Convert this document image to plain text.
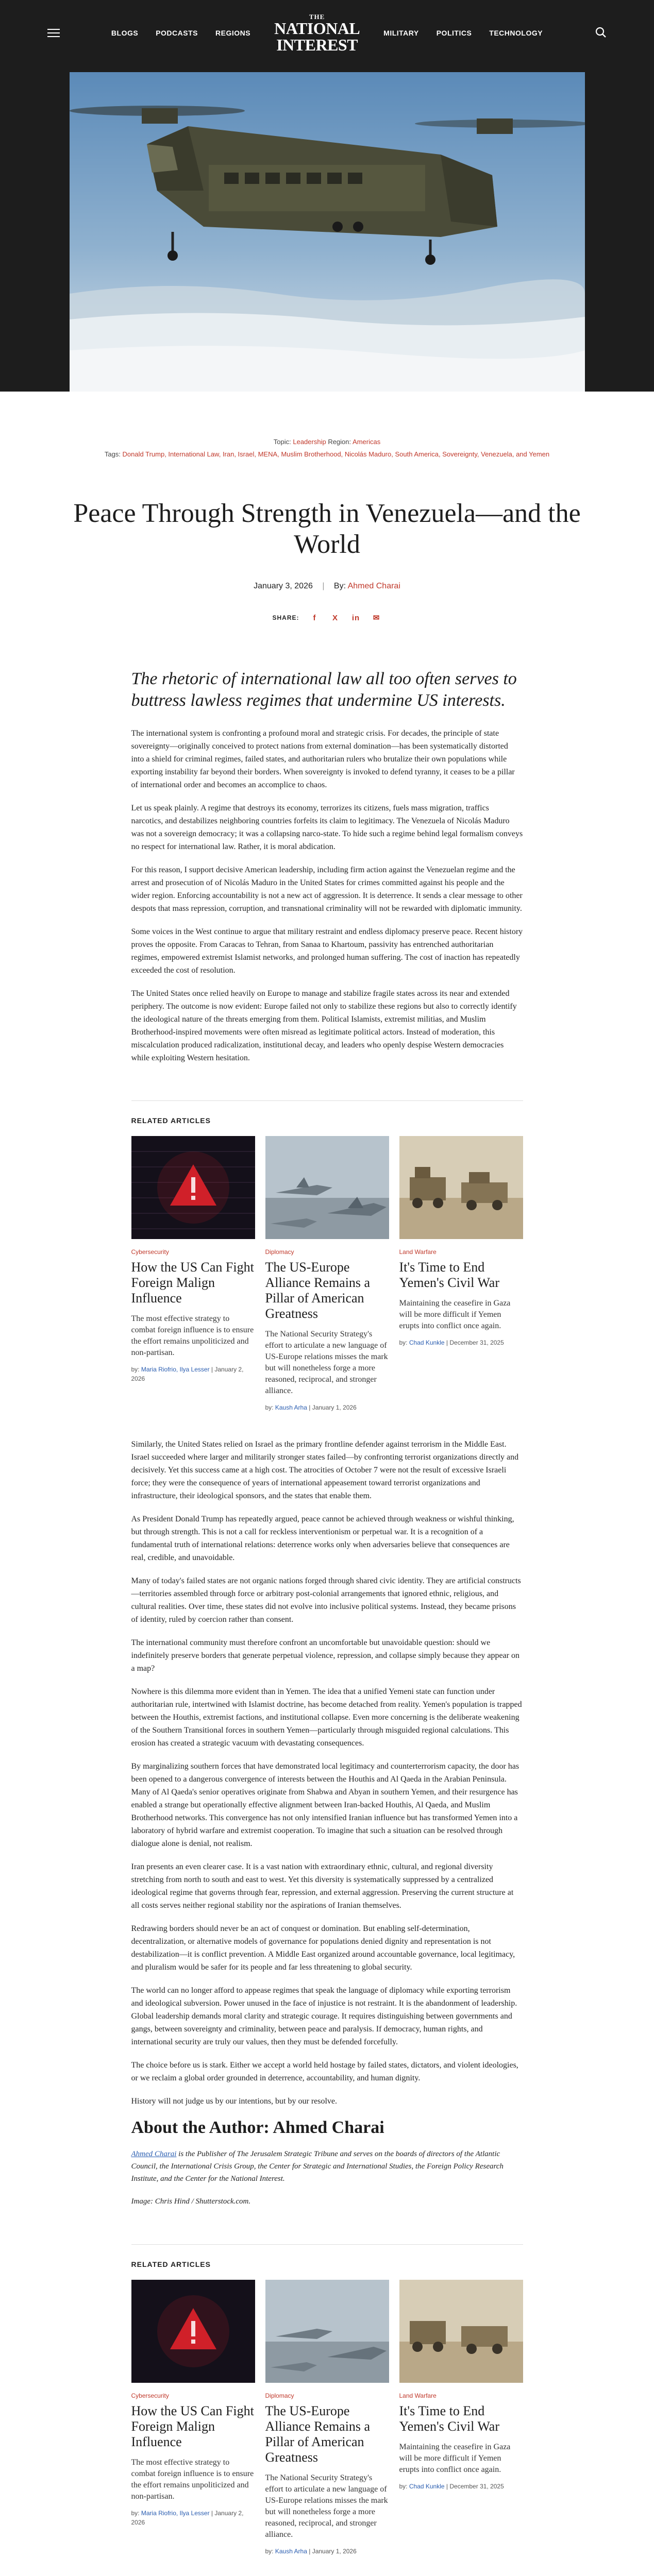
BLOGS PODCASTS REGIONS
THE
NATIONAL
INTEREST
MILITARY POLITICS TECHNOLOGY
Topic: Leadership Region: Americas
Tags: Donald Trump, International Law, Iran, Israel, MENA, Muslim Brotherhood, Nicolás Maduro, South America, Sovereignty, Venezuela, and Yemen
Peace Through Strength in Venezuela—and the World
January 3, 2026 | By: Ahmed Charai
SHARE:	f	X	in ✉
The rhetoric of international law all too often serves to buttress lawless regimes that undermine US interests.

The international system is confronting a profound moral and strategic crisis. For decades, the principle of state sovereignty—originally conceived to protect nations from external domination—has been systematically distorted into a shield for criminal regimes, failed states, and authoritarian rulers who brutalize their own populations while exporting instability far beyond their borders. When sovereignty is invoked to defend tyranny, it ceases to be a pillar of international order and becomes an accomplice to chaos.

Let us speak plainly. A regime that destroys its economy, terrorizes its citizens, fuels mass migration, traffics narcotics, and destabilizes neighboring countries forfeits its claim to legitimacy. The Venezuela of Nicolás Maduro was not a sovereign democracy; it was a collapsing narco-state. To hide such a regime behind legal formalism conveys no respect for international law. Rather, it is moral abdication.

For this reason, I support decisive American leadership, including firm action against the Venezuelan regime and the arrest and prosecution of of Nicolás Maduro in the United States for crimes committed against his people and the wider region. Enforcing accountability is not a new act of aggression. It is deterrence. It sends a clear message to other despots that mass repression, corruption, and transnational criminality will not be rewarded with diplomatic immunity.

Some voices in the West continue to argue that military restraint and endless diplomacy preserve peace. Recent history proves the opposite. From Caracas to Tehran, from Sanaa to Khartoum, passivity has entrenched authoritarian regimes, empowered extremist Islamist networks, and prolonged human suffering. The cost of inaction has repeatedly exceeded the cost of resolution.

The United States once relied heavily on Europe to manage and stabilize fragile states across its near and extended periphery. The outcome is now evident: Europe failed not only to stabilize these regions but also to correctly identify the ideological nature of the threats emerging from them. Political Islamists, extremist militias, and Muslim Brotherhood-inspired movements were often misread as legitimate political actors. Instead of moderation, this miscalculation produced radicalization, institutional decay, and leaders who openly despise Western democracies while exploiting Western hesitation.

RELATED ARTICLES
Cybersecurity
How the US Can Fight Foreign Malign Influence
The most effective strategy to combat foreign influence is to ensure the effort remains unpoliticized and non-partisan.
by: Maria Riofrio, Ilya Lesser | January 2, 2026
Diplomacy
The US-Europe Alliance Remains a Pillar of American Greatness
The National Security Strategy's effort to articulate a new language of US-Europe relations misses the mark but will nonetheless forge a more reasoned, reciprocal, and stronger alliance.
by: Kaush Arha | January 1, 2026
Land Warfare
It's Time to End Yemen's Civil War
Maintaining the ceasefire in Gaza will be more difficult if Yemen erupts into conflict once again.
by: Chad Kunkle | December 31, 2025

Similarly, the United States relied on Israel as the primary frontline defender against terrorism in the Middle East. Israel succeeded where larger and militarily stronger states failed—by confronting terrorist organizations directly and decisively. Yet this success came at a high cost. The atrocities of October 7 were not the result of excessive Israeli force; they were the consequence of years of international appeasement toward terrorist organizations and infrastructure, their ideological sponsors, and the states that enable them.

As President Donald Trump has repeatedly argued, peace cannot be achieved through weakness or wishful thinking, but through strength. This is not a call for reckless interventionism or perpetual war. It is a recognition of a fundamental truth of international relations: deterrence works only when adversaries believe that consequences are real, credible, and unavoidable.

Many of today's failed states are not organic nations forged through shared civic identity. They are artificial constructs—territories assembled through force or arbitrary post-colonial arrangements that ignored ethnic, religious, and cultural realities. Over time, these states did not evolve into inclusive political systems. Instead, they became prisons of identity, ruled by coercion rather than consent.

The international community must therefore confront an uncomfortable but unavoidable question: should we indefinitely preserve borders that generate perpetual violence, repression, and collapse simply because they appear on a map?

Nowhere is this dilemma more evident than in Yemen. The idea that a unified Yemeni state can function under authoritarian rule, intertwined with Islamist doctrine, has become detached from reality. Yemen's population is trapped between the Houthis, extremist factions, and institutional collapse. Even more concerning is the deliberate weakening of the Southern Transitional forces in southern Yemen—particularly through misguided regional calculations. This erosion has created a strategic vacuum with devastating consequences.

By marginalizing southern forces that have demonstrated local legitimacy and counterterrorism capacity, the door has been opened to a dangerous convergence of interests between the Houthis and Al Qaeda in the Arabian Peninsula. Many of Al Qaeda's senior operatives originate from Shabwa and Abyan in southern Yemen, and their resurgence has enabled a strange but operationally effective alignment between Iran-backed Houthis, Al Qaeda, and Muslim Brotherhood networks. This convergence has not only intensified Iranian influence but has transformed Yemen into a laboratory of hybrid warfare and extremist cooperation. To imagine that such a situation can be resolved through dialogue alone is denial, not realism.

Iran presents an even clearer case. It is a vast nation with extraordinary ethnic, cultural, and regional diversity stretching from north to south and east to west. Yet this diversity is systematically suppressed by a centralized ideological regime that governs through fear, repression, and external aggression. Preserving the current structure at all costs serves neither regional stability nor the aspirations of Iranian themselves.

Redrawing borders should never be an act of conquest or domination. But enabling self-determination, decentralization, or alternative models of governance for populations denied dignity and representation is not destabilization—it is conflict prevention. A Middle East organized around accountable governance, local legitimacy, and pluralism would be safer for its people and far less threatening to global security.

The world can no longer afford to appease regimes that speak the language of diplomacy while exporting terrorism and ideological subversion. Power unused in the face of injustice is not restraint. It is the abandonment of leadership. Global leadership demands moral clarity and strategic courage. It requires distinguishing between governments and gangs, between sovereignty and criminality, between peace and paralysis. If democracy, human rights, and international security are truly our values, then they must be defended forcefully.

The choice before us is stark. Either we accept a world held hostage by failed states, dictators, and violent ideologies, or we reclaim a global order grounded in deterrence, accountability, and human dignity.

History will not judge us by our intentions, but by our resolve.

About the Author: Ahmed Charai

Ahmed Charai is the Publisher of The Jerusalem Strategic Tribune and serves on the boards of directors of the Atlantic Council, the International Crisis Group, the Center for Strategic and International Studies, the Foreign Policy Research Institute, and the Center for the National Interest.

Image: Chris Hind / Shutterstock.com.

RELATED ARTICLES
Cybersecurity
How the US Can Fight Foreign Malign Influence
The most effective strategy to combat foreign influence is to ensure the effort remains unpoliticized and non-partisan.
by: Maria Riofrio, Ilya Lesser | January 2, 2026
Diplomacy
The US-Europe Alliance Remains a Pillar of American Greatness
The National Security Strategy's effort to articulate a new language of US-Europe relations misses the mark but will nonetheless forge a more reasoned, reciprocal, and stronger alliance.
by: Kaush Arha | January 1, 2026
Land Warfare
It's Time to End Yemen's Civil War
Maintaining the ceasefire in Gaza will be more difficult if Yemen erupts into conflict once again.
by: Chad Kunkle | December 31, 2025
